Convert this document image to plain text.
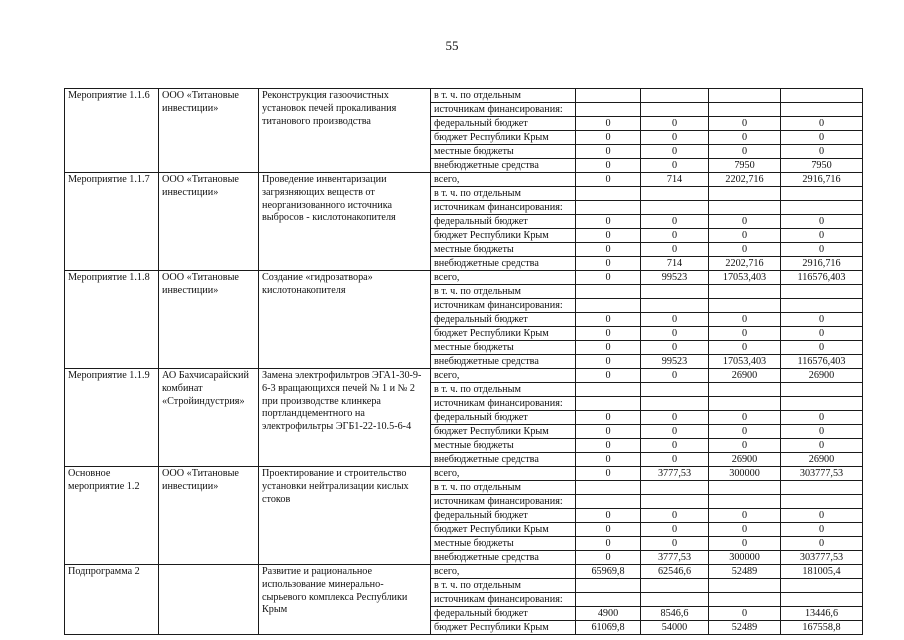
55
Мероприятие 1.1.6	ООО «Титановые инвестиции»	Реконструкция газоочистных установок печей прокаливания титанового производства	в т. ч. по отдельным				
			источникам финансирования:				
			федеральный бюджет	0	0	0	0
			бюджет Республики Крым	0	0	0	0
			местные бюджеты	0	0	0	0
			внебюджетные средства	0	0	7950	7950
Мероприятие 1.1.7	ООО «Титановые инвестиции»	Проведение инвентаризации загрязняющих веществ от неорганизованного источника выбросов - кислотонакопителя	всего,	0	714	2202,716	2916,716
			в т. ч. по отдельным				
			источникам финансирования:				
			федеральный бюджет	0	0	0	0
			бюджет Республики Крым	0	0	0	0
			местные бюджеты	0	0	0	0
			внебюджетные средства	0	714	2202,716	2916,716
Мероприятие 1.1.8	ООО «Титановые инвестиции»	Создание «гидрозатвора» кислотонакопителя	всего,	0	99523	17053,403	116576,403
			в т. ч. по отдельным				
			источникам финансирования:				
			федеральный бюджет	0	0	0	0
			бюджет Республики Крым	0	0	0	0
			местные бюджеты	0	0	0	0
			внебюджетные средства	0	99523	17053,403	116576,403
Мероприятие 1.1.9	АО Бахчисарайский комбинат «Стройиндустрия»	Замена электрофильтров ЭГА1-30-9-6-3 вращающихся печей № 1 и № 2 при производстве клинкера портландцементного на электрофильтры ЭГБ1-22-10.5-6-4	всего,	0	0	26900	26900
			в т. ч. по отдельным				
			источникам финансирования:				
			федеральный бюджет	0	0	0	0
			бюджет Республики Крым	0	0	0	0
			местные бюджеты	0	0	0	0
			внебюджетные средства	0	0	26900	26900
Основное мероприятие 1.2	ООО «Титановые инвестиции»	Проектирование и строительство установки нейтрализации кислых стоков	всего,	0	3777,53	300000	303777,53
			в т. ч. по отдельным				
			источникам финансирования:				
			федеральный бюджет	0	0	0	0
			бюджет Республики Крым	0	0	0	0
			местные бюджеты	0	0	0	0
			внебюджетные средства	0	3777,53	300000	303777,53
Подпрограмма 2		Развитие и рациональное использование минерально-сырьевого комплекса Республики Крым	всего,	65969,8	62546,6	52489	181005,4
			в т. ч. по отдельным				
			источникам финансирования:				
			федеральный бюджет	4900	8546,6	0	13446,6
			бюджет Республики Крым	61069,8	54000	52489	167558,8
